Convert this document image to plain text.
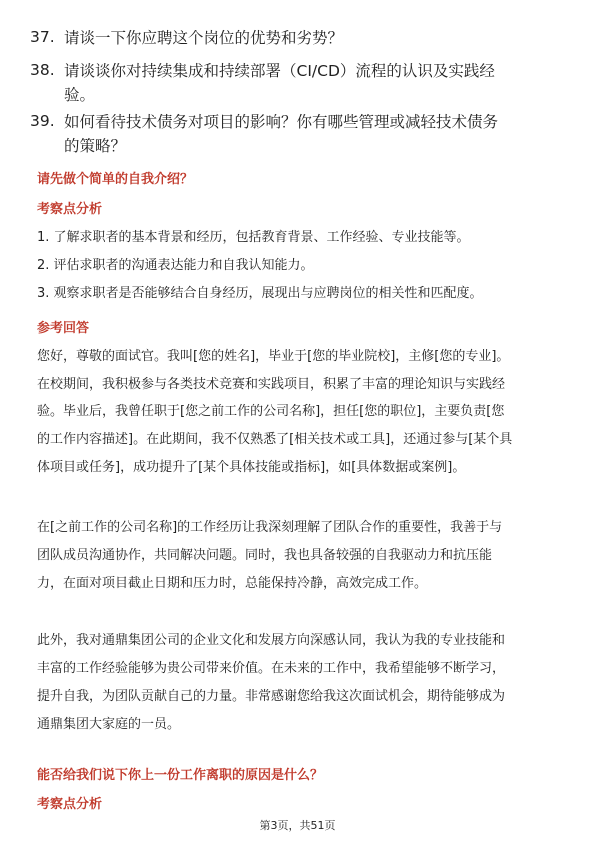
37. 请谈一下你应聘这个岗位的优势和劣势？
38. 请谈谈你对持续集成和持续部署（CI/CD）流程的认识及实践经
验。
39. 如何看待技术债务对项目的影响？你有哪些管理或减轻技术债务
的策略？
请先做个简单的自我介绍？
考察点分析
1. 了解求职者的基本背景和经历，包括教育背景、工作经验、专业技能等。
2. 评估求职者的沟通表达能力和自我认知能力。
3. 观察求职者是否能够结合自身经历，展现出与应聘岗位的相关性和匹配度。
参考回答
您好，尊敬的面试官。我叫[您的姓名]，毕业于[您的毕业院校]，主修[您的专业]。
在校期间，我积极参与各类技术竞赛和实践项目，积累了丰富的理论知识与实践经
验。毕业后，我曾任职于[您之前工作的公司名称]，担任[您的职位]，主要负责[您
的工作内容描述]。在此期间，我不仅熟悉了[相关技术或工具]，还通过参与[某个具
体项目或任务]，成功提升了[某个具体技能或指标]，如[具体数据或案例]。
在[之前工作的公司名称]的工作经历让我深刻理解了团队合作的重要性，我善于与
团队成员沟通协作，共同解决问题。同时，我也具备较强的自我驱动力和抗压能
力，在面对项目截止日期和压力时，总能保持冷静，高效完成工作。
此外，我对通鼎集团公司的企业文化和发展方向深感认同，我认为我的专业技能和
丰富的工作经验能够为贵公司带来价值。在未来的工作中，我希望能够不断学习，
提升自我，为团队贡献自己的力量。非常感谢您给我这次面试机会，期待能够成为
通鼎集团大家庭的一员。
能否给我们说下你上一份工作离职的原因是什么？
考察点分析
第3页，共51页
